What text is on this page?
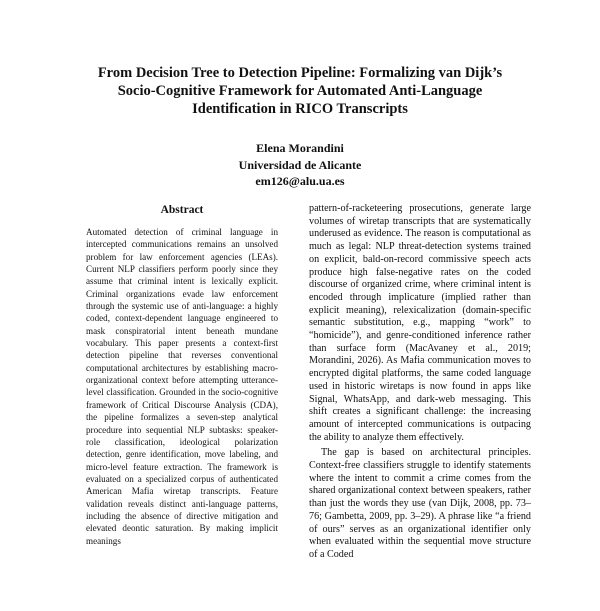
From Decision Tree to Detection Pipeline: Formalizing van Dijk’s
Socio-Cognitive Framework for Automated Anti-Language
Identification in RICO Transcripts
Elena Morandini
Universidad de Alicante
em126@alu.ua.es
Abstract
Automated detection of criminal language in intercepted communications remains an unsolved problem for law enforcement agencies (LEAs). Current NLP classifiers perform poorly since they assume that criminal intent is lexically explicit. Criminal organizations evade law enforcement through the systemic use of anti-language: a highly coded, context-dependent language engineered to mask conspiratorial intent beneath mundane vocabulary. This paper presents a context-first detection pipeline that reverses conventional computational architectures by establishing macro-organizational context before attempting utterance-level classification. Grounded in the socio-cognitive framework of Critical Discourse Analysis (CDA), the pipeline formalizes a seven-step analytical procedure into sequential NLP subtasks: speaker-role classification, ideological polarization detection, genre identification, move labeling, and micro-level feature extraction. The framework is evaluated on a specialized corpus of authenticated American Mafia wiretap transcripts. Feature validation reveals distinct anti-language patterns, including the absence of directive mitigation and elevated deontic saturation. By making implicit meanings

pattern-of-racketeering prosecutions, generate large volumes of wiretap transcripts that are systematically underused as evidence. The reason is computational as much as legal: NLP threat-detection systems trained on explicit, bald-on-record commissive speech acts produce high false-negative rates on the coded discourse of organized crime, where criminal intent is encoded through implicature (implied rather than explicit meaning), relexicalization (domain-specific semantic substitution, e.g., mapping “work” to “homicide”), and genre-conditioned inference rather than surface form (MacAvaney et al., 2019; Morandini, 2026). As Mafia communication moves to encrypted digital platforms, the same coded language used in historic wiretaps is now found in apps like Signal, WhatsApp, and dark-web messaging. This shift creates a significant challenge: the increasing amount of intercepted communications is outpacing the ability to analyze them effectively.

The gap is based on architectural principles. Context-free classifiers struggle to identify statements where the intent to commit a crime comes from the shared organizational context between speakers, rather than just the words they use (van Dijk, 2008, pp. 73–76; Gambetta, 2009, pp. 3–29). A phrase like “a friend of ours” serves as an organizational identifier only when evaluated within the sequential move structure of a Coded
